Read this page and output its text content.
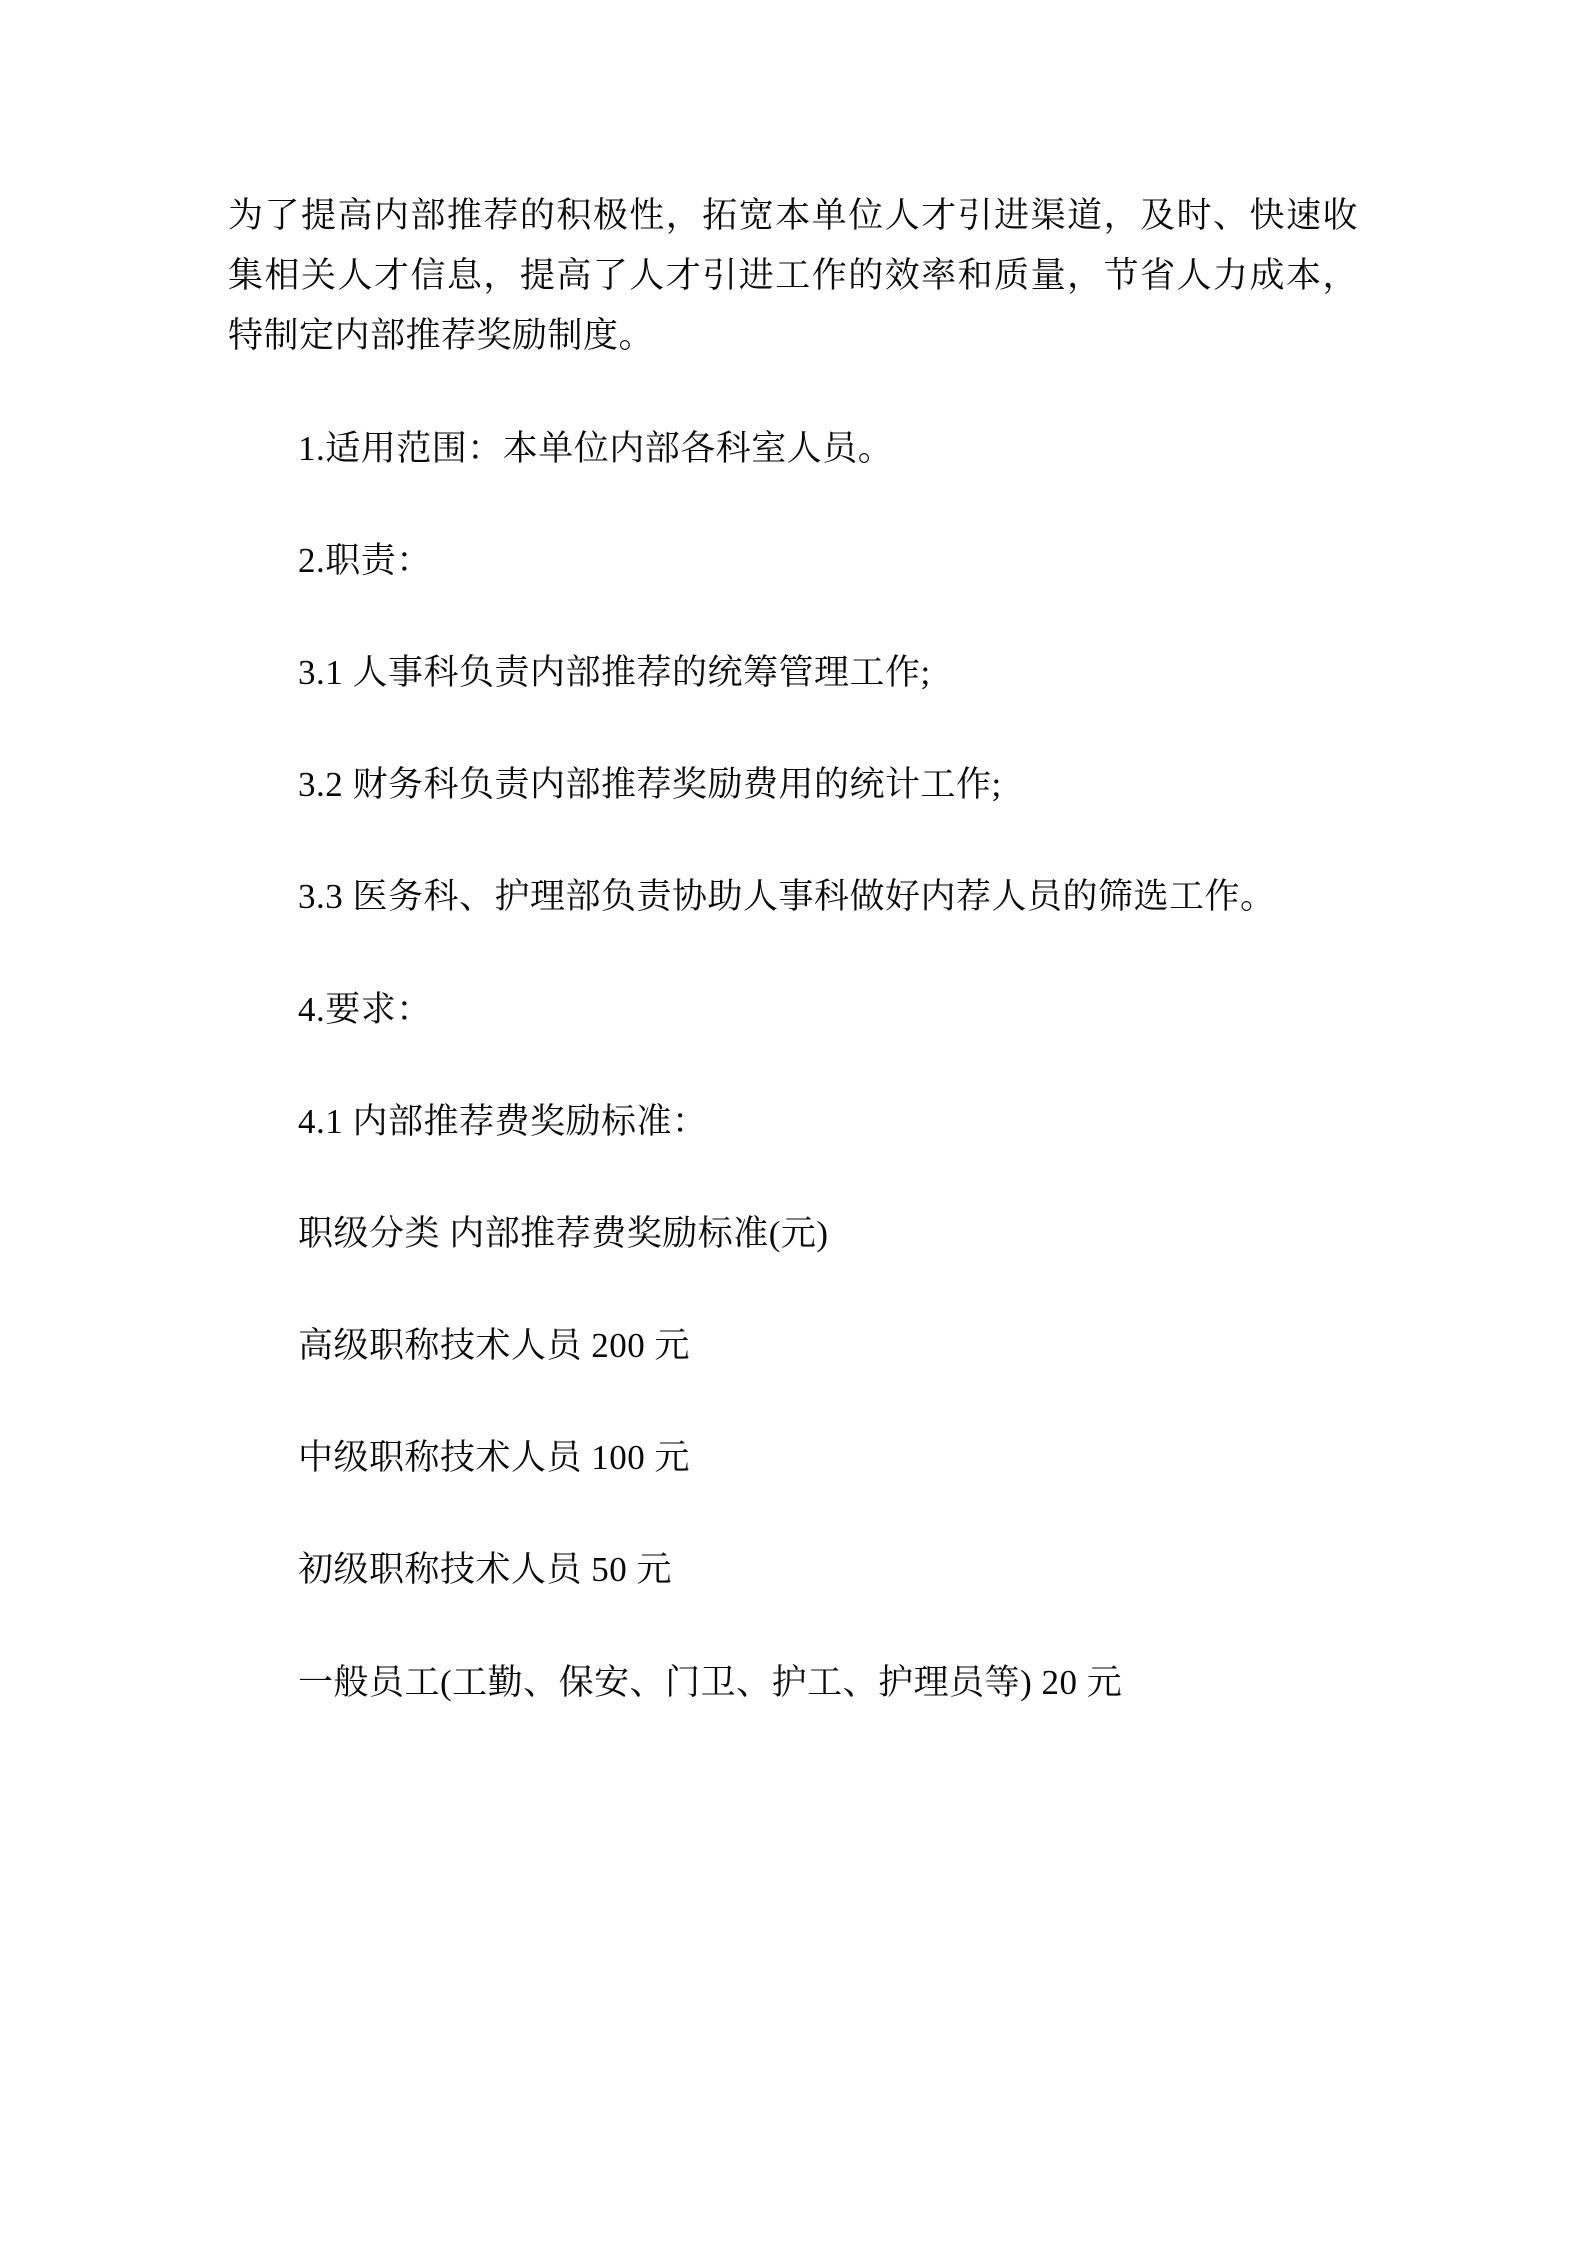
为了提高内部推荐的积极性，拓宽本单位人才引进渠道，及时、快速收集相关人才信息，提高了人才引进工作的效率和质量，节省人力成本，特制定内部推荐奖励制度。

1.适用范围：本单位内部各科室人员。

2.职责：

3.1 人事科负责内部推荐的统筹管理工作;

3.2 财务科负责内部推荐奖励费用的统计工作;

3.3 医务科、护理部负责协助人事科做好内荐人员的筛选工作。

4.要求：

4.1 内部推荐费奖励标准：

职级分类 内部推荐费奖励标准(元)

高级职称技术人员 200 元

中级职称技术人员 100 元

初级职称技术人员 50 元

一般员工(工勤、保安、门卫、护工、护理员等) 20 元
